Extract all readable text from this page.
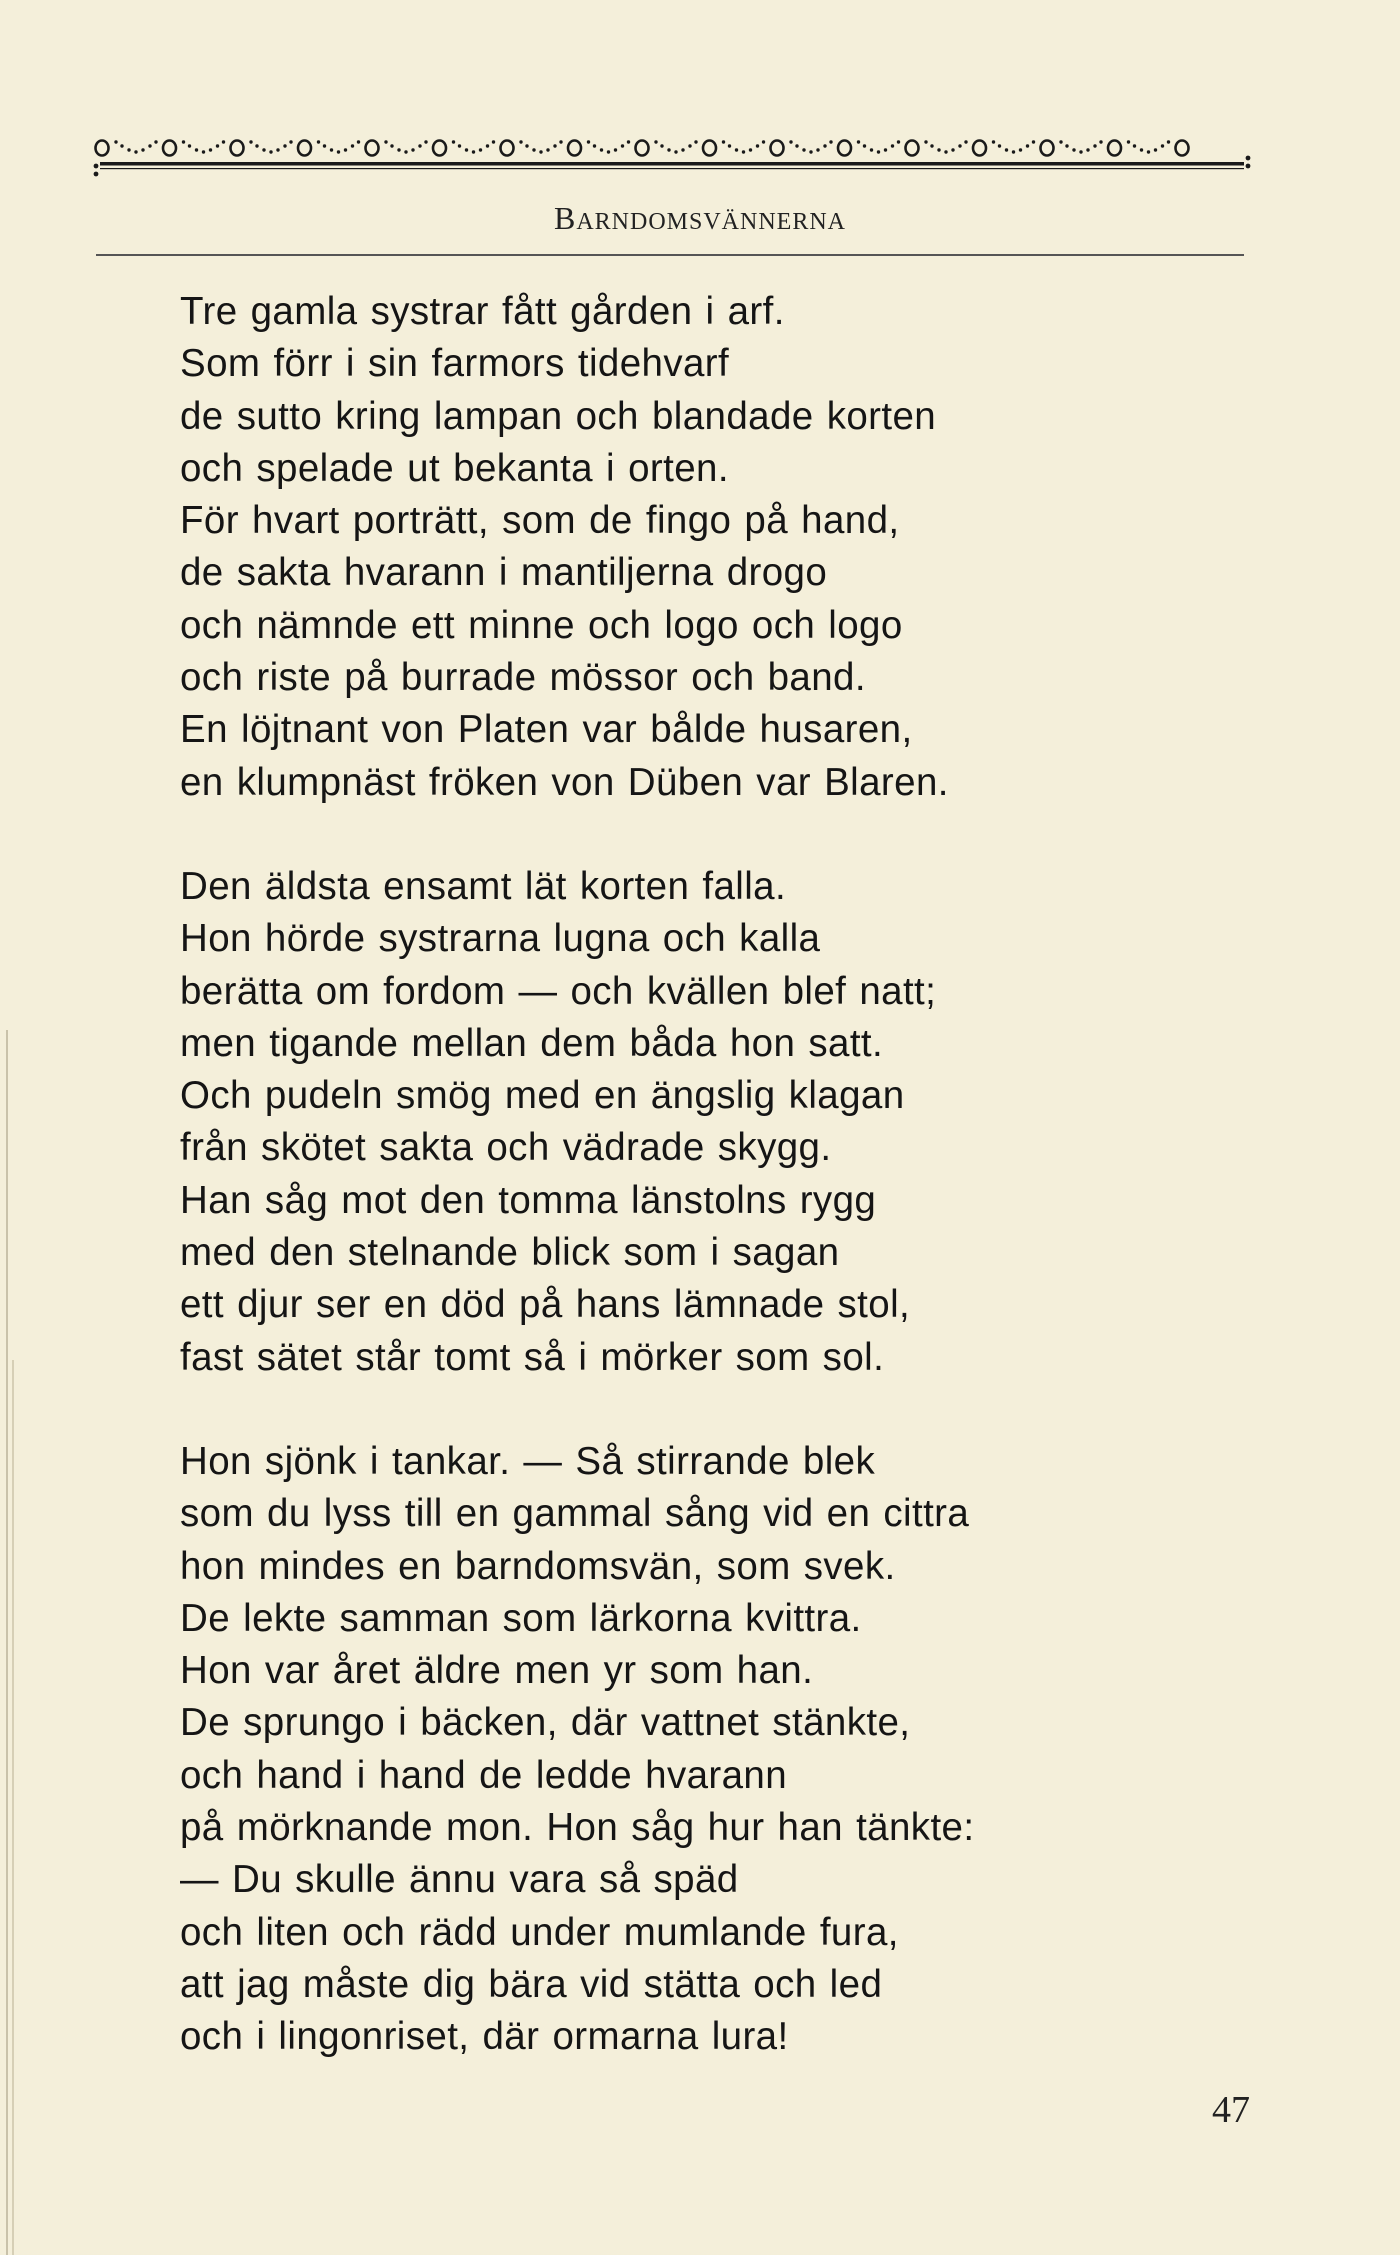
BARNDOMSVÄNNERNA
Tre gamla systrar fått gården i arf.
Som förr i sin farmors tidehvarf
de sutto kring lampan och blandade korten
och spelade ut bekanta i orten.
För hvart porträtt, som de fingo på hand,
de sakta hvarann i mantiljerna drogo
och nämnde ett minne och logo och logo
och riste på burrade mössor och band.
En löjtnant von Platen var bålde husaren,
en klumpnäst fröken von Düben var Blaren.
Den äldsta ensamt lät korten falla.
Hon hörde systrarna lugna och kalla
berätta om fordom — och kvällen blef natt;
men tigande mellan dem båda hon satt.
Och pudeln smög med en ängslig klagan
från skötet sakta och vädrade skygg.
Han såg mot den tomma länstolns rygg
med den stelnande blick som i sagan
ett djur ser en död på hans lämnade stol,
fast sätet står tomt så i mörker som sol.
Hon sjönk i tankar. — Så stirrande blek
som du lyss till en gammal sång vid en cittra
hon mindes en barndomsvän, som svek.
De lekte samman som lärkorna kvittra.
Hon var året äldre men yr som han.
De sprungo i bäcken, där vattnet stänkte,
och hand i hand de ledde hvarann
på mörknande mon. Hon såg hur han tänkte:
— Du skulle ännu vara så späd
och liten och rädd under mumlande fura,
att jag måste dig bära vid stätta och led
och i lingonriset, där ormarna lura!
47
